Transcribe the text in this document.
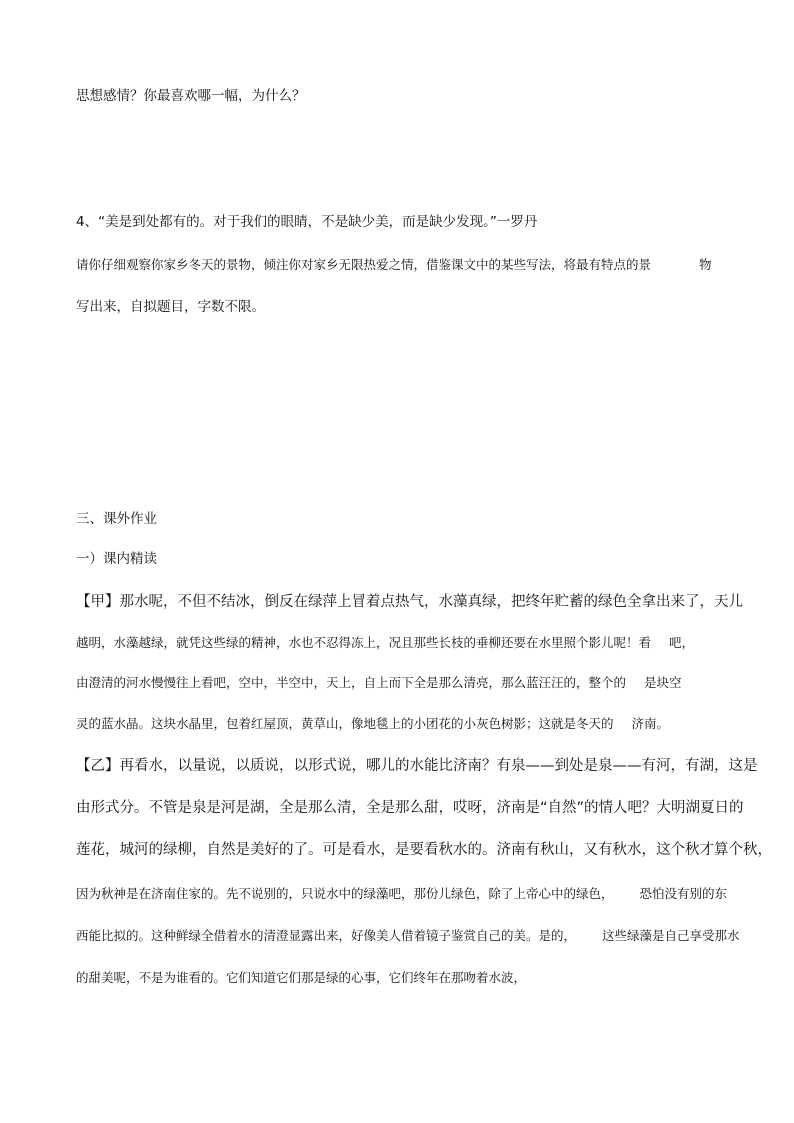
思想感情？你最喜欢哪一幅，为什么？
4、“美是到处都有的。对于我们的眼睛，不是缺少美，而是缺少发现。”一罗丹
请你仔细观察你家乡冬天的景物，倾注你对家乡无限热爱之情，借鉴课文中的某些写法，将最有特点的景	物
写出来，自拟题目，字数不限。
三、课外作业
一）课内精读
【甲】那水呢，不但不结冰，倒反在绿萍上冒着点热气，水藻真绿，把终年贮蓄的绿色全拿出来了，天儿
越明，水藻越绿，就凭这些绿的精神，水也不忍得冻上，况且那些长枝的垂柳还要在水里照个影儿呢！看 吧，
由澄清的河水慢慢往上看吧，空中，半空中，天上，自上而下全是那么清亮，那么蓝汪汪的，整个的 是块空
灵的蓝水晶。这块水晶里，包着红屋顶，黄草山，像地毯上的小团花的小灰色树影；这就是冬天的 济南。
【乙】再看水，以量说，以质说，以形式说，哪儿的水能比济南？有泉——到处是泉——有河，有湖，这是
由形式分。不管是泉是河是湖，全是那么清，全是那么甜，哎呀，济南是“自然”的情人吧？大明湖夏日的
莲花，城河的绿柳，自然是美好的了。可是看水，是要看秋水的。济南有秋山，又有秋水，这个秋才算个秋，
因为秋神是在济南住家的。先不说别的，只说水中的绿藻吧，那份儿绿色，除了上帝心中的绿色， 恐怕没有别的东
西能比拟的。这种鲜绿全借着水的清澄显露出来，好像美人借着镜子鉴赏自己的美。是的， 这些绿藻是自己享受那水
的甜美呢，不是为谁看的。它们知道它们那是绿的心事，它们终年在那吻着水波，
